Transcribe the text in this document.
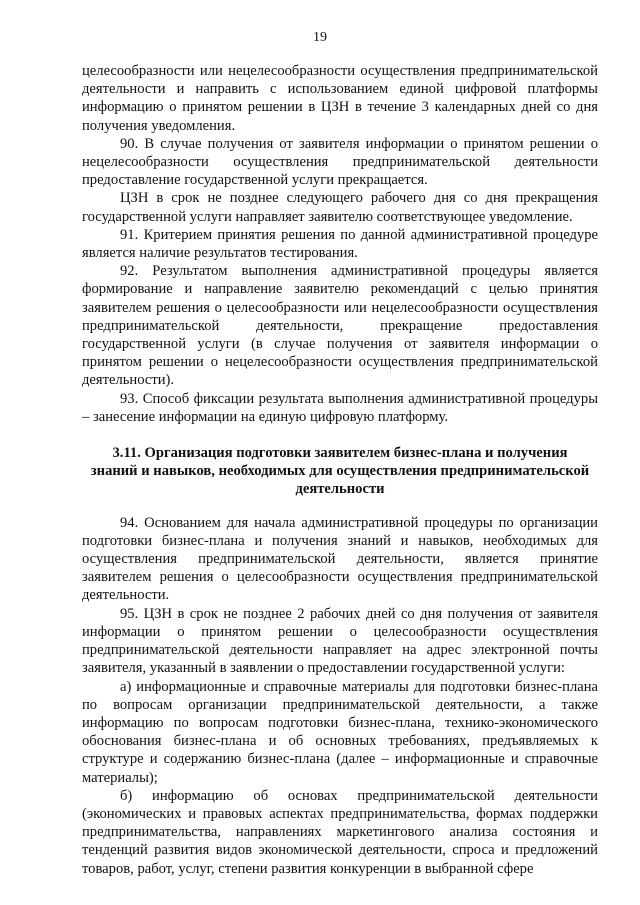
19

целесообразности или нецелесообразности осуществления предпринимательской деятельности и направить с использованием единой цифровой платформы информацию о принятом решении в ЦЗН в течение 3 календарных дней со дня получения уведомления.

90. В случае получения от заявителя информации о принятом решении о нецелесообразности осуществления предпринимательской деятельности предоставление государственной услуги прекращается.

ЦЗН в срок не позднее следующего рабочего дня со дня прекращения государственной услуги направляет заявителю соответствующее уведомление.

91. Критерием принятия решения по данной административной процедуре является наличие результатов тестирования.

92. Результатом выполнения административной процедуры является формирование и направление заявителю рекомендаций с целью принятия заявителем решения о целесообразности или нецелесообразности осуществления предпринимательской деятельности, прекращение предоставления государственной услуги (в случае получения от заявителя информации о принятом решении о нецелесообразности осуществления предпринимательской деятельности).

93. Способ фиксации результата выполнения административной процедуры – занесение информации на единую цифровую платформу.

3.11. Организация подготовки заявителем бизнес-плана и получения знаний и навыков, необходимых для осуществления предпринимательской деятельности

94. Основанием для начала административной процедуры по организации подготовки бизнес-плана и получения знаний и навыков, необходимых для осуществления предпринимательской деятельности, является принятие заявителем решения о целесообразности осуществления предпринимательской деятельности.

95. ЦЗН в срок не позднее 2 рабочих дней со дня получения от заявителя информации о принятом решении о целесообразности осуществления предпринимательской деятельности направляет на адрес электронной почты заявителя, указанный в заявлении о предоставлении государственной услуги:

а) информационные и справочные материалы для подготовки бизнес-плана по вопросам организации предпринимательской деятельности, а также информацию по вопросам подготовки бизнес-плана, технико-экономического обоснования бизнес-плана и об основных требованиях, предъявляемых к структуре и содержанию бизнес-плана (далее – информационные и справочные материалы);

б) информацию об основах предпринимательской деятельности (экономических и правовых аспектах предпринимательства, формах поддержки предпринимательства, направлениях маркетингового анализа состояния и тенденций развития видов экономической деятельности, спроса и предложений товаров, работ, услуг, степени развития конкуренции в выбранной сфере
